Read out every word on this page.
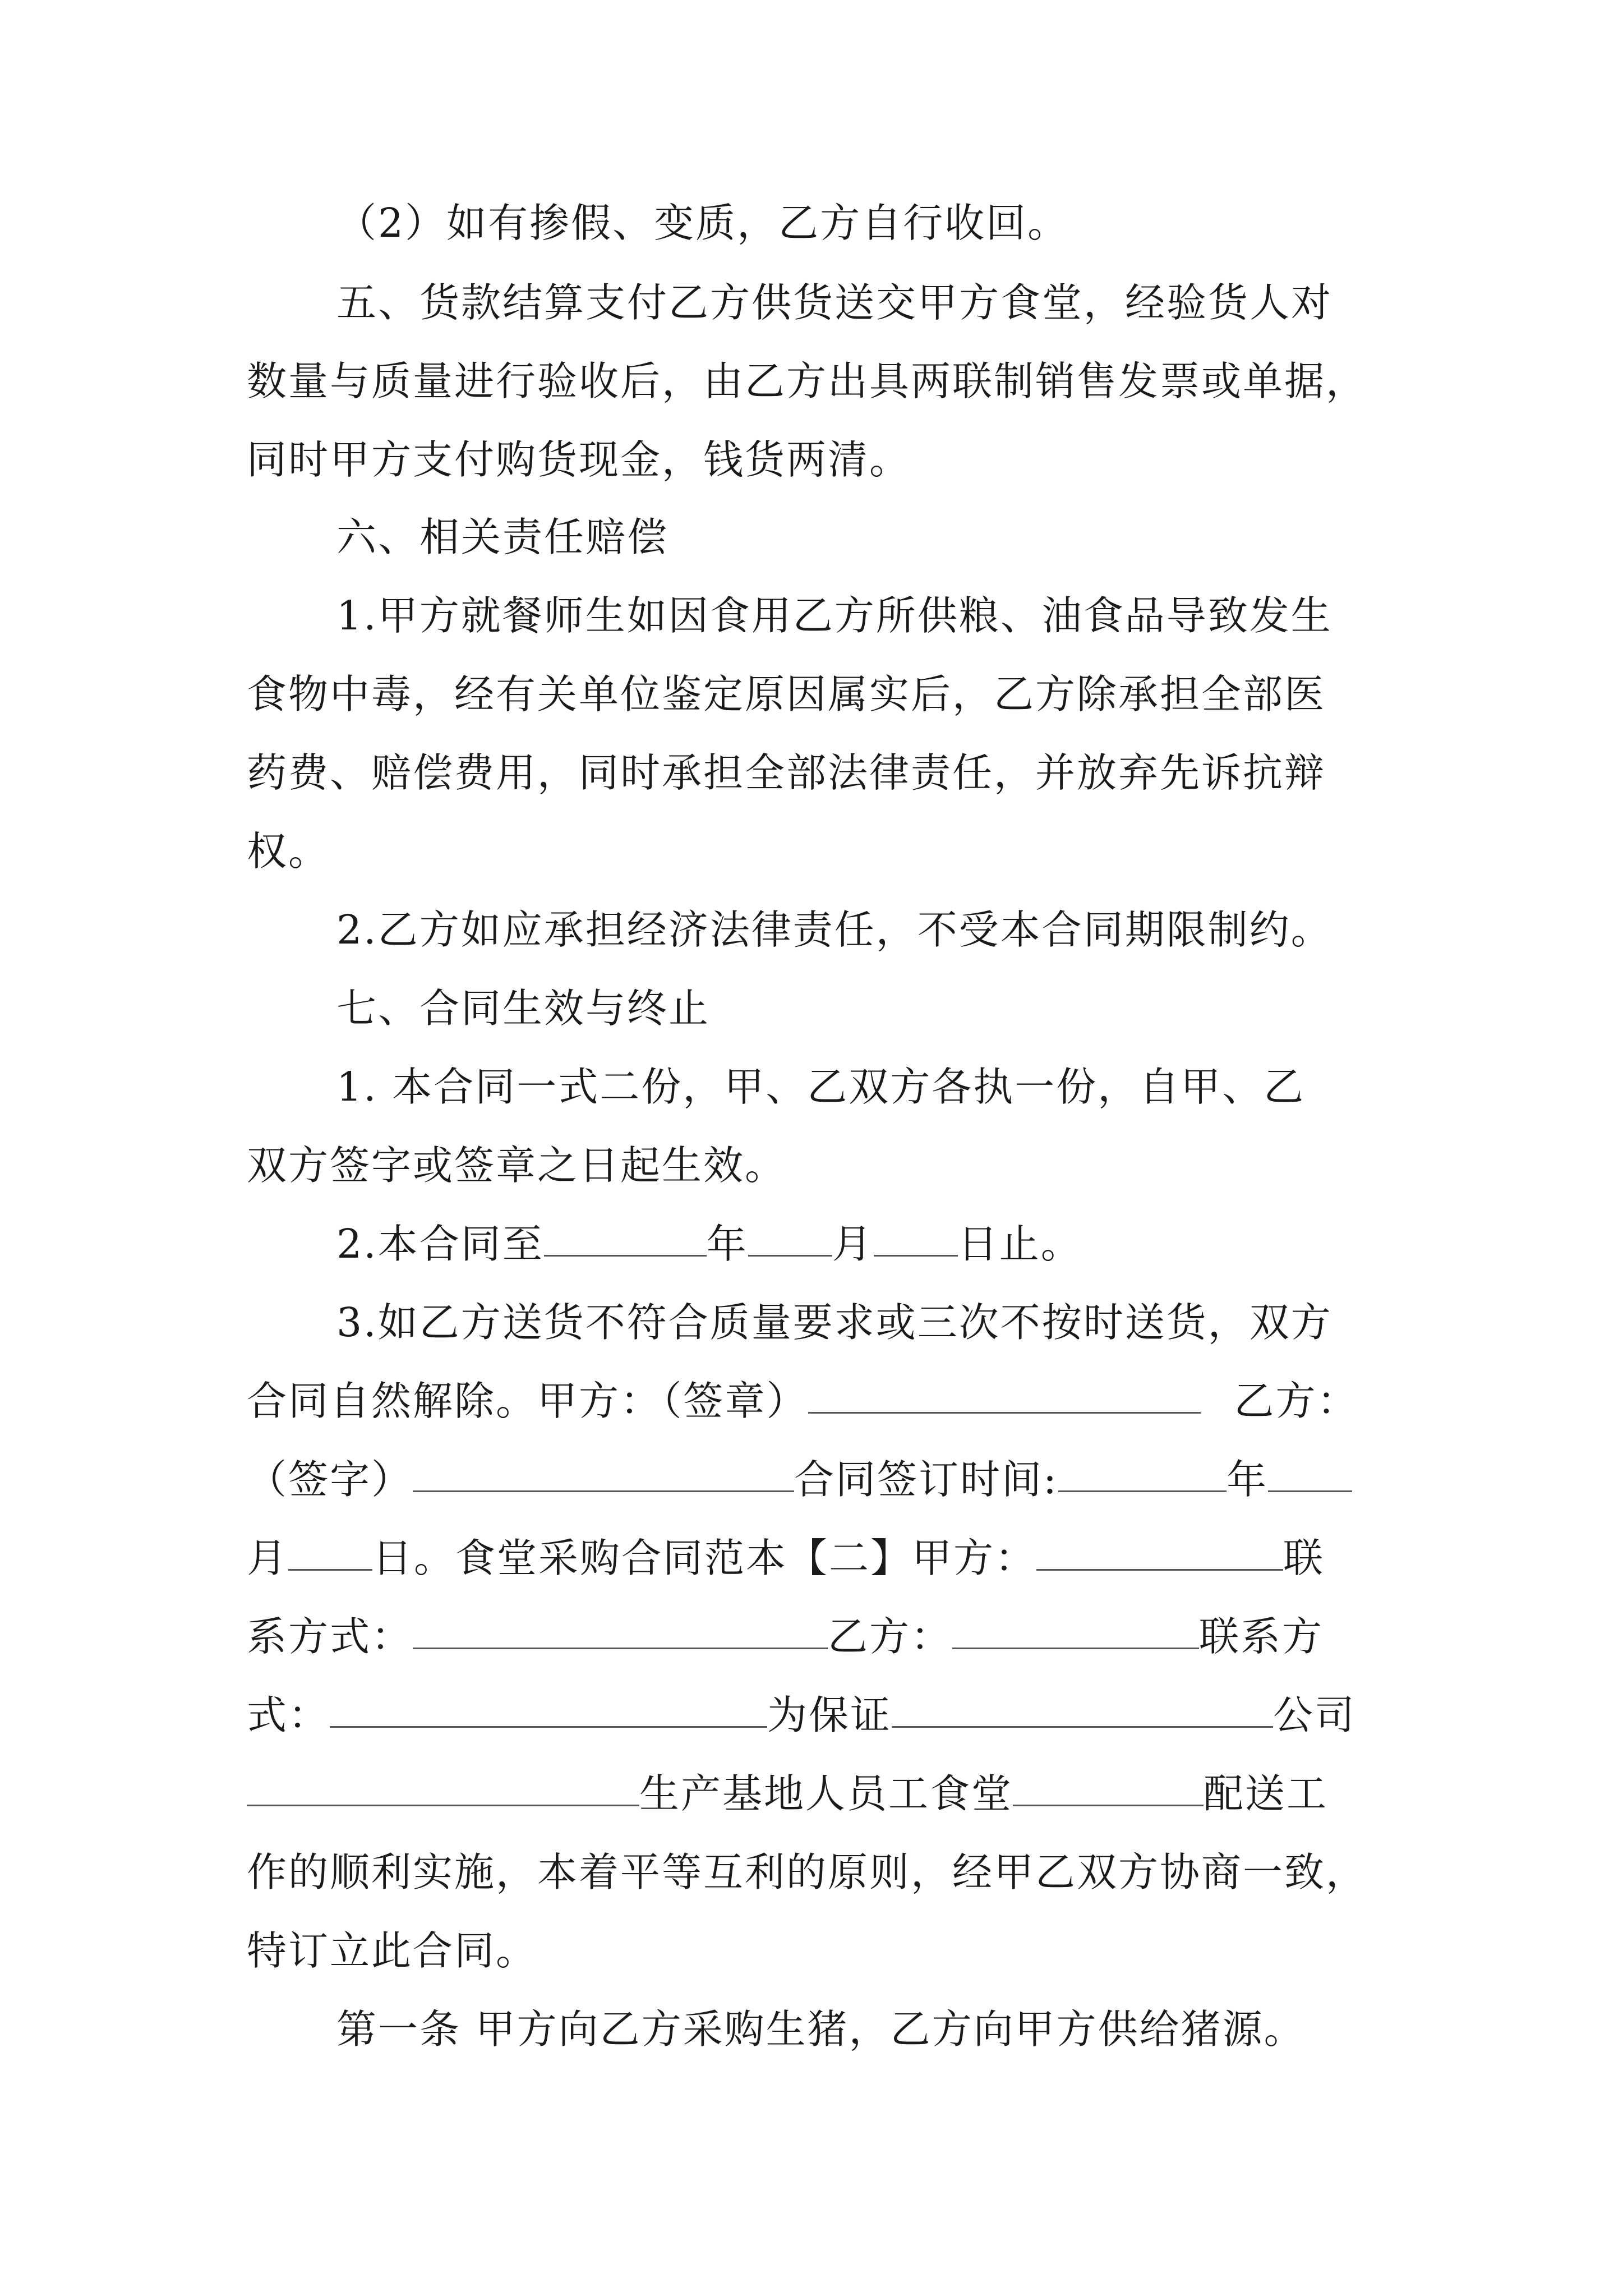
（2）如有掺假、变质，乙方自行收回。
五、货款结算支付乙方供货送交甲方食堂，经验货人对
数量与质量进行验收后，由乙方出具两联制销售发票或单据，
同时甲方支付购货现金，钱货两清。
六、相关责任赔偿
1.甲方就餐师生如因食用乙方所供粮、油食品导致发生
食物中毒，经有关单位鉴定原因属实后，乙方除承担全部医
药费、赔偿费用，同时承担全部法律责任，并放弃先诉抗辩
权。
2.乙方如应承担经济法律责任，不受本合同期限制约。
七、合同生效与终止
1. 本合同一式二份，甲、乙双方各执一份，自甲、乙
双方签字或签章之日起生效。
2.本合同至	年 月 日止。
3.如乙方送货不符合质量要求或三次不按时送货，双方
合同自然解除。甲方：（签章）	乙方：
（签字）	合同签订时间:	年
月 日。食堂采购合同范本【二】甲方：	联
系方式：	乙方：	联系方
式：	为保证	公司
生产基地人员工食堂	配送工
作的顺利实施，本着平等互利的原则，经甲乙双方协商一致，
特订立此合同。
第一条 甲方向乙方采购生猪，乙方向甲方供给猪源。
